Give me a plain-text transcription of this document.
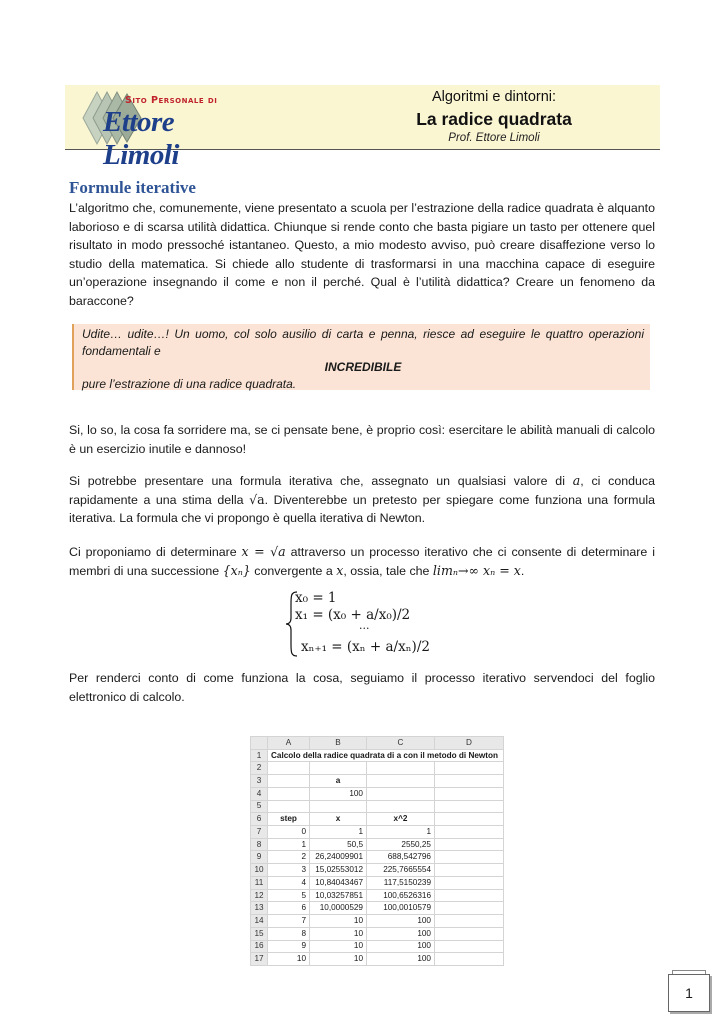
Sito Personale di
Ettore Limoli
Algoritmi e dintorni:
La radice quadrata
Prof. Ettore Limoli
Formule iterative
L’algoritmo che, comunemente, viene presentato a scuola per l’estrazione della radice quadrata è alquanto laborioso e di scarsa utilità didattica. Chiunque si rende conto che basta pigiare un tasto per ottenere quel risultato in modo pressoché istantaneo. Questo, a mio modesto avviso, può creare disaffezione verso lo studio della matematica. Si chiede allo studente di trasformarsi in una macchina capace di eseguire un’operazione insegnando il come e non il perché. Qual è l’utilità didattica? Creare un fenomeno da baraccone?
Udite… udite…! Un uomo, col solo ausilio di carta e penna, riesce ad eseguire le quattro operazioni fondamentali e
INCREDIBILE
pure l’estrazione di una radice quadrata.
Si, lo so, la cosa fa sorridere ma, se ci pensate bene, è proprio così: esercitare le abilità manuali di calcolo è un esercizio inutile e dannoso!
Si potrebbe presentare una formula iterativa che, assegnato un qualsiasi valore di a, ci conduca rapidamente a una stima della √a. Diventerebbe un pretesto per spiegare come funziona una formula iterativa. La formula che vi propongo è quella iterativa di Newton.
Ci proponiamo di determinare x = √a attraverso un processo iterativo che ci consente di determinare i membri di una successione {xₙ} convergente a x, ossia, tale che limₙ→∞ xₙ = x.
x₀ = 1
x₁ = (x₀ + a/x₀)/2
···
xₙ₊₁ = (xₙ + a/xₙ)/2
Per renderci conto di come funziona la cosa, seguiamo il processo iterativo servendoci del foglio elettronico di calcolo.
	A	B	C	D
1	Calcolo della radice quadrata di a con il metodo di Newton			
2				
3		a		
4		100		
5				
6	step	x	x^2	
7	0	1	1	
8	1	50,5	2550,25	
9	2	26,24009901	688,542796	
10	3	15,02553012	225,7665554	
11	4	10,84043467	117,5150239	
12	5	10,03257851	100,6526316	
13	6	10,0000529	100,0010579	
14	7	10	100	
15	8	10	100	
16	9	10	100	
17	10	10	100	
1
